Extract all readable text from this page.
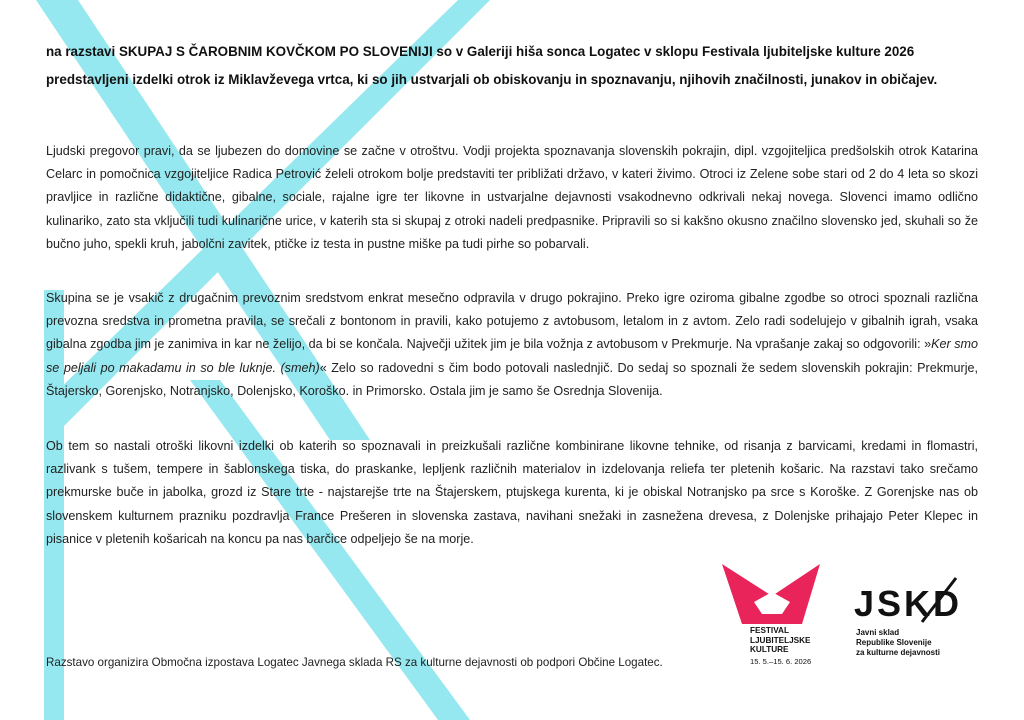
na razstavi SKUPAJ S ČAROBNIM KOVČKOM PO SLOVENIJI so v Galeriji hiša sonca Logatec v sklopu Festivala ljubiteljske kulture 2026 predstavljeni izdelki otrok iz Miklavževega vrtca, ki so jih ustvarjali ob obiskovanju in spoznavanju, njihovih značilnosti, junakov in običajev.

Ljudski pregovor pravi, da se ljubezen do domovine se začne v otroštvu. Vodji projekta spoznavanja slovenskih pokrajin, dipl. vzgojiteljica predšolskih otrok Katarina Celarc in pomočnica vzgojiteljice Radica Petrović želeli otrokom bolje predstaviti ter približati državo, v kateri živimo. Otroci iz Zelene sobe stari od 2 do 4 leta so skozi pravljice in različne didaktične, gibalne, sociale, rajalne igre ter likovne in ustvarjalne dejavnosti vsakodnevno odkrivali nekaj novega. Slovenci imamo odlično kulinariko, zato sta vključili tudi kulinarične urice, v katerih sta si skupaj z otroki nadeli predpasnike. Pripravili so si kakšno okusno značilno slovensko jed, skuhali so že bučno juho, spekli kruh, jabolčni zavitek, ptičke iz testa in pustne miške pa tudi pirhe so pobarvali.

Skupina se je vsakič z drugačnim prevoznim sredstvom enkrat mesečno odpravila v drugo pokrajino. Preko igre oziroma gibalne zgodbe so otroci spoznali različna prevozna sredstva in prometna pravila, se srečali z bontonom in pravili, kako potujemo z avtobusom, letalom in z avtom. Zelo radi sodelujejo v gibalnih igrah, vsaka gibalna zgodba jim je zanimiva in kar ne želijo, da bi se končala. Največji užitek jim je bila vožnja z avtobusom v Prekmurje. Na vprašanje zakaj so odgovorili: »Ker smo se peljali po makadamu in so ble luknje. (smeh)« Zelo so radovedni s čim bodo potovali naslednjič. Do sedaj so spoznali že sedem slovenskih pokrajin: Prekmurje, Štajersko, Gorenjsko, Notranjsko, Dolenjsko, Koroško. in Primorsko. Ostala jim je samo še Osrednja Slovenija.

Ob tem so nastali otroški likovni izdelki ob katerih so spoznavali in preizkušali različne kombinirane likovne tehnike, od risanja z barvicami, kredami in flomastri, razlivank s tušem, tempere in šablonskega tiska, do praskanke, lepljenk različnih materialov in izdelovanja reliefa ter pletenih košaric. Na razstavi tako srečamo prekmurske buče in jabolka, grozd iz Stare trte - najstarejše trte na Štajerskem, ptujskega kurenta, ki je obiskal Notranjsko pa srce s Koroške. Z Gorenjske nas ob slovenskem kulturnem prazniku pozdravlja France Prešeren in slovenska zastava, navihani snežaki in zasnežena drevesa, z Dolenjske prihajajo Peter Klepec in pisanice v pletenih košaricah na koncu pa nas barčice odpeljejo še na morje.

Razstavo organizira Območna izpostava Logatec Javnega sklada RS za kulturne dejavnosti ob podpori Občine Logatec.

FESTIVAL
LJUBITELJSKE
KULTURE
15. 5.–15. 6. 2026
JSKD
Javni sklad
Republike Slovenije
za kulturne dejavnosti
